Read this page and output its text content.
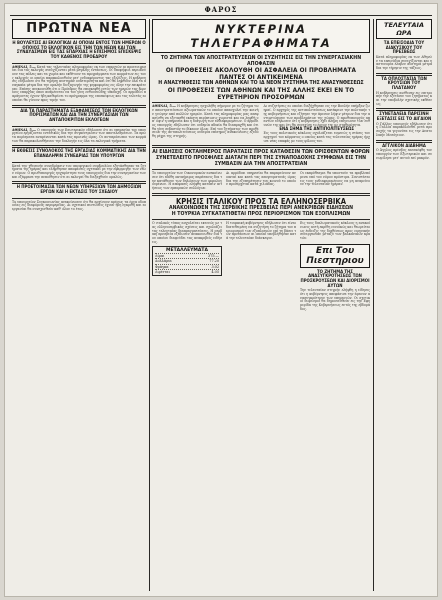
ΦΑΡΟΣ
ΠΡΩΤΝΑ ΝΕΑ
Η ΒΟΥΛΕΥΣΙΣ ΑΙ ΕΚΛΟΓΙΚΑΙ ΑΙ ΟΠΟΙΑΙ ΕΝΤΟΣ ΤΩΝ ΗΜΕΡΩΝ Ο ΟΠΟΙΟΣ ΤΟ ΕΚΛΟΓΙΚΟΝ ΕΙΣ ΤΗΝ ΤΩΝ ΝΕΩΝ ΚΑΙ ΤΩΝ ΣΥΝΔΥΑΣΜΩΝ ΕΙΣ ΤΑΣ ΕΠΑΡΧΙΑΣ Η ΕΠΙΣΗΜΟΣ ΕΠΙΣΚΕΨΙΣ ΤΟΥ ΚΑΘΕΝΟΣ ΠΡΟΕΔΡΟΥ
ΑΘΗΝΑΙ, 5.— Κατά τας τελευταίας πληροφορίας εκ των επαρχιών αι προετοιμασίαι δια τας εκλογάς συνεχίζονται μετά μεγάλης εντάσεως. Οι υποψήφιοι περιοδεύουν τας πόλεις και τα χωρία και εκθέτουν τα προγράμματα των κομμάτων εις τους εκλογείς οι οποίοι παρακολουθούν μετ' ενδιαφέροντος τας εξελίξεις. Η κυβέρνησις εδήλωσεν ότι θα τηρήσῃ αυστηράν ουδετερότητα και ότι θα ληφθούν όλα τα αναγκαία μέτρα δια την ομαλήν διεξαγωγήν της ψηφοφορίας εις όλην την επικράτειαν. Επίσης ανεκοινώθη ότι ο Πρόεδρος θα επισκεφθή εντός των ημερών τας βορείους επαρχίας όπου αναμένεται να του γίνη ενθουσιώδης υποδοχή. Οι αρμόδιοι παράγοντες έχουν ήδη καθορίσει το πρόγραμμα της επισκέψεως και τας τελετάς αι οποίαι θα γίνουν προς τιμήν του.
ΔΙΑ ΤΑ ΠΑΡΑΣΤΗΜΑΤΑ ΕΞΑΦΑΝΙΣΕΩΣ ΤΩΝ ΕΚΛΟΓΙΚΩΝ ΠΟΡΙΣΜΑΤΩΝ ΚΑΙ ΔΙΑ ΤΗΝ ΣΥΝΕΡΓΑΣΙΑΝ ΤΩΝ ΑΝΤΑΠΟΚΡΙΤΩΝ ΕΚΛΟΓΕΩΝ
ΑΘΗΝΑΙ, 5.— Ο υπουργός των Εσωτερικών εδήλωσεν ότι αι υπηρεσίαι του υπουργείου εργάζονται εντατικώς δια την συγκέντρωσιν των αποτελεσμάτων. Τα πρώτα πορίσματα αναμένονται κατά τας πρωινάς ώρας. Οι αντιπρόσωποι των κομμάτων θα παρακολουθήσουν την διαλογήν εις όλα τα εκλογικά τμήματα.
Η ΕΚΘΕΣΙΣ ΣΥΝΟΛΟΚΟΣ ΤΗΣ ΕΡΓΑΣΙΑΣ ΚΟΜΜΑΤΙΚΗΣ ΔΙΑ ΤΗΝ ΕΠΑΝΑΛΗΨΙΝ ΣΥΝΕΔΡΙΑΣ ΤΩΝ ΥΠΟΥΡΓΩΝ
Κατά την χθεσινήν συνεδρίασιν του υπουργικού συμβουλίου εξητάσθησαν τα ζητήματα της ημέρας και ελήφθησαν αποφάσεις σχετικαί με την εφαρμογήν των νέων νόμων. Ο πρωθυπουργός ηυχαρίστησε τους υπουργούς δια την συνεργασίαν των και εξέφρασε την πεποίθησιν ότι αι εκλογαί θα διεξαχθούν ομαλώς.
Η ΠΡΟΕΤΟΙΜΑΣΙΑ ΤΩΝ ΝΕΩΝ ΥΠΗΡΕΣΙΩΝ ΤΩΝ ΔΗΜΟΣΙΩΝ ΕΡΓΩΝ ΚΑΙ Η ΕΚΤΑΣΙΣ ΤΟΥ ΣΧΕΔΙΟΥ
Το υπουργείον Συγκοινωνίας ανεκοίνωσεν ότι θα αρχίσουν αμέσως τα έργα οδοποιΐας εις διαφόρους περιφερείας. Αι σχετικαί πιστώσεις έχουν ήδη εγκριθή και αι εργασίαι θα συνεχισθούν καθ' όλον το έτος.
ΝΥΚΤΕΡΙΝΑ ΤΗΛΕΓΡΑΦΗΜΑΤΑ
ΤΟ ΖΗΤΗΜΑ ΤΩΝ ΑΠΟΣΤΡΑΤΕΥΣΕΩΝ ΟΙ ΣΥΖΗΤΗΣΙΣ ΕΙΣ ΤΗΝ ΣΥΝΕΡΓΑΣΙΑΚΗΝ ΑΠΟΦΑΣΙΝ
ΟΙ ΠΡΟΘΕΣΕΙΣ ΑΚΟΛΟΥΘΗ ΟΙ ΑΣΦΑΛΕΙΑ ΟΙ ΠΡΟΒΛΗΜΑΤΑ ΠΑΝΤΕΣ ΟΙ ΑΝΤΙΚΕΙΜΕΝΑ
Η ΑΝΑΣΥΝΘΕΣΙΣ ΤΩΝ ΑΘΗΝΩΝ ΚΑΙ ΤΟ ΙΔ ΝΕΟΝ ΣΥΣΤΗΜΑ ΤΗΣ ΑΝΑΣΥΝΘΕΣΕΩΣ
ΟΙ ΠΡΟΘΕΣΕΙΣ ΤΩΝ ΑΘΗΝΩΝ ΚΑΙ ΤΗΣ ΑΛΛΗΣ ΕΚΕΙ ΕΝ ΤΟ ΕΥΡΕΤΗΡΙΟΝ ΠΡΟΣΟΡΜΩΝ
ΑΘΗΝΑΙ, 5.— Η κυβέρνησις ησχολήθη σήμερον με το ζήτημα των αποστρατεύσεων αξιωματικών το οποίον απασχολεί την κοινήν γνώμην από πολλών ημερών. Κατά τας πληροφορίας μας απεφασίσθη να εξετασθή εκάστη περίπτωσις χωριστά και να ληφθή υπ' όψιν η υπηρεσία και η διαγωγή των ενδιαφερομένων. Ο αρμόδιος υπουργός εδήλωσεν ότι ουδεμία αδικία θα διαπραχθή και ότι θα γίνη σεβαστόν το δίκαιον όλων. Επί του ζητήματος των προθέσεων της αντιπολιτεύσεως ουδεμία επίσημος ανακοίνωσις εξεδόθη μέχρι της στιγμής.
Αι συζητήσεις αι οποίαι διεξήχθησαν εις την Βουλήν υπήρξαν ζωηραί. Ο αρχηγός της αντιπολιτεύσεως κατέκρινε την πολιτικήν της κυβερνήσεως και εζήτησε την άμεσον λήψιν μέτρων δια την αντιμετώπισιν των προβλημάτων της χώρας. Ο πρωθυπουργός απαντών εδήλωσεν ότι η κυβέρνησις έχει πλήρη επίγνωσιν των ευθυνών της και ότι θα συνεχίση το έργον της με σταθερότητα.
ΕΝΑ ΣΗΜΑ ΤΗΣ ΑΝΤΙΠΟΛΙΤΕΥΣΕΩΣ
Εις τους πολιτικούς κύκλους σχολιάζεται ευμενώς η στάσις του αρχηγού του κόμματος ο οποίος κατά τας τελευταίας ημέρας ήρχισε νέας επαφάς με τους φίλους του.
ΑΙ ΕΙΔΗΣΕΙΣ ΟΚΤΑΗΜΕΡΟΣ ΠΑΡΑΤΑΣΙΣ ΠΡΟΣ ΚΑΤΑΘΕΣΙΝ ΤΩΝ ΟΡΙΣΘΕΝΤΩΝ ΦΟΡΩΝ
ΣΥΝΕΤΕΛΕΙΤΟ ΠΡΟΣΦΙΛΕΣ ΔΙΑΤΑΓΗ ΠΕΡΙ ΤΗΣ ΣΥΝΑΠΟΔΟΧΗΣ ΣΥΜΦΩΝΑ ΕΙΣ ΤΗΝ ΣΥΜΒΑΣΙΝ ΔΙΑ ΤΗΝ ΑΠΟΣΤΡΑΤΕΙΑΝ
Το υπουργείον των Οικονομικών ανεκοίνωσεν ότι εδόθη οκταήμερος παράτασις δια την κατάθεσιν των δηλώσεων των φορολογουμένων. Η απόφασις ελήφθη κατόπιν αιτήσεως των εμπορικών συλλόγων.
Αι αρμόδιαι υπηρεσίαι θα παραμείνουν ανοικταί και κατά τας απογευματινάς ώρας δια την εξυπηρέτησιν του κοινού το οποίον προσέρχεται κατά χιλιάδας.
Οι εκπρόθεσμοι θα υποστούν τα προβλεπόμενα υπό του νόμου πρόστιμα. Συνιστάται εις τους ενδιαφερομένους να μη αναμείνουν την τελευταίαν ημέραν.
ΚΡΗΣΙΣ ΙΤΑΛΙΚΟΥ ΠΡΟΣ ΤΑ ΕΛΛΗΝΟΣΕΡΒΙΚΑ
ΑΝΑΚΟΙΝΩΘΕΝ ΤΗΣ ΣΕΡΒΙΚΗΣ ΠΡΕΣΒΕΙΑΣ ΠΕΡΙ ΑΝΕΚΡΙΒΩΝ ΕΙΔΗΣΕΩΝ
Η ΤΟΥΡΚΙΑ ΣΥΓΚΑΤΑΤΙΘΕΤΑΙ ΠΡΟΣ ΠΕΡΙΟΡΙΣΜΟΝ ΤΩΝ ΕΞΟΠΛΙΣΜΩΝ
Ο ιταλικός τύπος ασχολείται εκτενώς με τας ελληνοσερβικάς σχέσεις και σχολιάζει τας τελευταίας διαπραγματεύσεις. Η σερβική πρεσβεία εξέδωσεν ανακοινωθέν δια του οποίου διαψεύδει τας ανακριβείς ειδήσεις.
ΜΕΤΑΛΛΕΥΜΑΤΑ
Λίραι	375.—
Δολλάρια	77.20
Φράγκα	3.02
Λιρέτται	4.05
Η τουρκική κυβέρνησις εδήλωσεν ότι είναι διατεθειμένη να συζητήση το ζήτημα του περιορισμού των εξοπλισμών επί τη βάσει των προτάσεων αι οποίαι υπεβλήθησαν κατά την τελευταίαν διάσκεψιν.
Εις τους διπλωματικούς κύκλους η ανακοίνωσις αυτή εκρίθη ευνοϊκώς και θεωρείται ως ένδειξις της διαθέσεως προς ειρηνικήν συνεργασίαν μεταξύ των βαλκανικών κρατών.
Επι Του Πιεστηριου
ΤΟ ΖΗΤΗΜΑ ΤΗΣ ΑΝΑΣΥΓΚΡΟΤΗΣΕΩΣ ΤΩΝ ΠΡΟΣΚΡΟΥΣΕΩΝ ΚΑΙ ΔΙΟΡΙΣΜΟΙ ΑΥΤΩΝ
Την τελευταίαν στιγμήν ελήφθη η είδησις ότι η κυβέρνησις απεφάσισε την άμεσον ανασυγκρότησιν των υπηρεσιών. Οι σχετικοί διορισμοί θα δημοσιευθούν εις την Εφημερίδα της Κυβερνήσεως εντός της εβδομάδος.
ΤΕΛΕΥΤΑΙΑ ΩΡΑ
ΤΑ ΕΠΕΙΣΟΔΙΑ ΤΟΥ ΔΙΑΚΥΣΙΚΟΥ ΤΟΥ ΠΡΕΣΒΕΩΣ
Κατά πληροφορίας εκ των Αθηνών τα επεισόδια συνεχίζονται και η αστυνομία έλαβεν αυστηρά μέτρα δια την τήρησιν της τάξεως.
ΤΑ ΟΠΛΟΣΤΑΣΙΑ ΤΩΝ ΚΡΟΥΣΙΩΝ ΤΟΥ ΠΛΑΤΑΝΟΥ
Η κυβέρνησις ανέθεσεν εις επιτροπήν την εξέτασιν του ζητήματος και την υποβολήν σχετικής εκθέσεως.
ΣΥΝΕΤΑΛΕΙΑ ΠΑΡΙΣΙΝΗ ΕΞΕΤΑΣΙΣ ΕΙΣ ΤΟ ΑΙΓΑΙΟΝ
Ο Γάλλος υπουργός εδήλωσεν ότι η Γαλλία παρακολουθεί μετά προσοχής τα γεγονότα εις την Ανατολικήν Μεσόγειον.
ΑΓΓΛΙΚΟΝ ΔΙΑΒΗΜΑ
Ο Άγγλος πρέσβυς επεσκέφθη τον υπουργόν των Εξωτερικών και συνωμίλησε μετ' αυτού επί μακρόν.
